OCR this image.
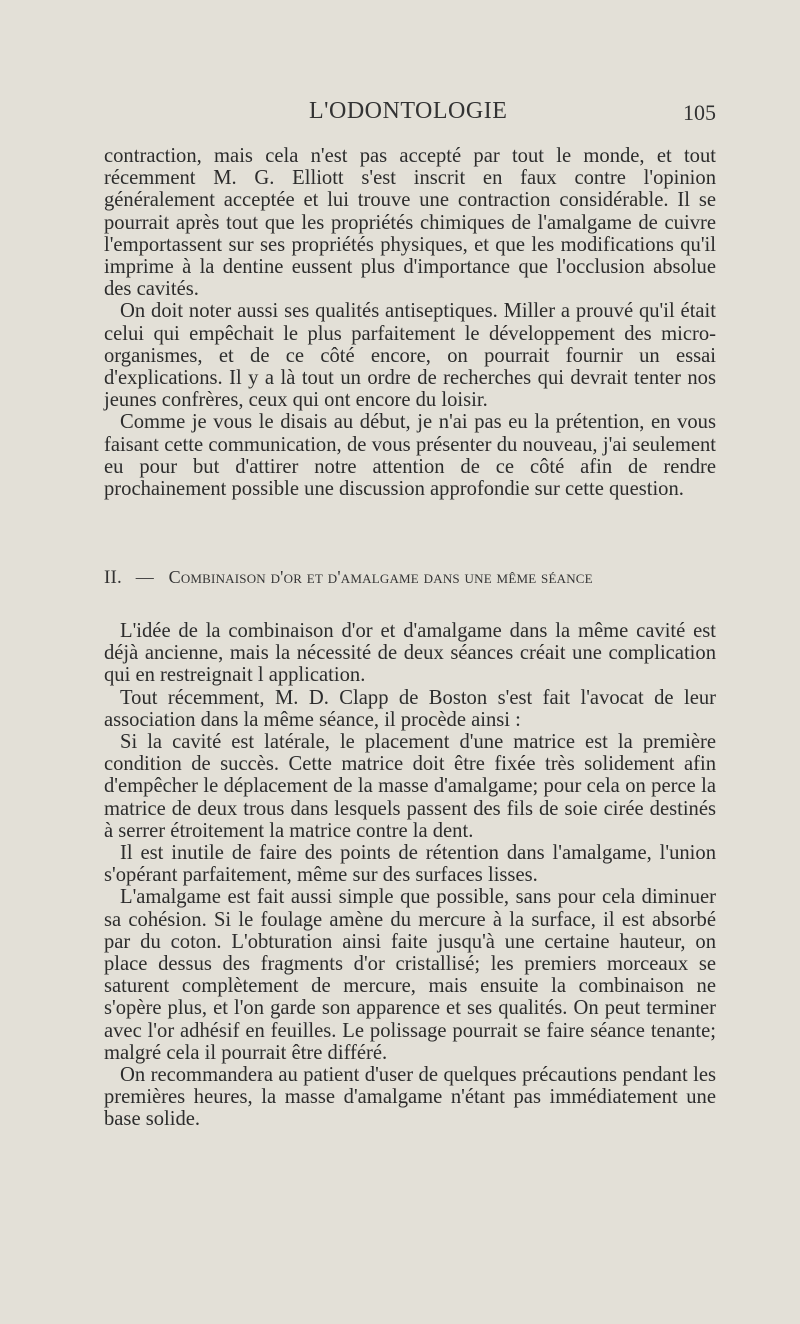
L'ODONTOLOGIE	105

contraction, mais cela n'est pas accepté par tout le monde, et tout récemment M. G. Elliott s'est inscrit en faux contre l'opinion généralement acceptée et lui trouve une contraction considérable. Il se pourrait après tout que les propriétés chimiques de l'amalgame de cuivre l'emportassent sur ses propriétés physiques, et que les modifications qu'il imprime à la dentine eussent plus d'importance que l'occlusion absolue des cavités.

On doit noter aussi ses qualités antiseptiques. Miller a prouvé qu'il était celui qui empêchait le plus parfaitement le développement des micro-organismes, et de ce côté encore, on pourrait fournir un essai d'explications. Il y a là tout un ordre de recherches qui devrait tenter nos jeunes confrères, ceux qui ont encore du loisir.

Comme je vous le disais au début, je n'ai pas eu la prétention, en vous faisant cette communication, de vous présenter du nouveau, j'ai seulement eu pour but d'attirer notre attention de ce côté afin de rendre prochainement possible une discussion approfondie sur cette question.

II. — Combinaison d'or et d'amalgame dans une même séance

L'idée de la combinaison d'or et d'amalgame dans la même cavité est déjà ancienne, mais la nécessité de deux séances créait une complication qui en restreignait l application.

Tout récemment, M. D. Clapp de Boston s'est fait l'avocat de leur association dans la même séance, il procède ainsi :

Si la cavité est latérale, le placement d'une matrice est la première condition de succès. Cette matrice doit être fixée très solidement afin d'empêcher le déplacement de la masse d'amalgame; pour cela on perce la matrice de deux trous dans lesquels passent des fils de soie cirée destinés à serrer étroitement la matrice contre la dent.

Il est inutile de faire des points de rétention dans l'amalgame, l'union s'opérant parfaitement, même sur des surfaces lisses.

L'amalgame est fait aussi simple que possible, sans pour cela diminuer sa cohésion. Si le foulage amène du mercure à la surface, il est absorbé par du coton. L'obturation ainsi faite jusqu'à une certaine hauteur, on place dessus des fragments d'or cristallisé; les premiers morceaux se saturent complètement de mercure, mais ensuite la combinaison ne s'opère plus, et l'on garde son apparence et ses qualités. On peut terminer avec l'or adhésif en feuilles. Le polissage pourrait se faire séance tenante; malgré cela il pourrait être différé.

On recommandera au patient d'user de quelques précautions pendant les premières heures, la masse d'amalgame n'étant pas immédiatement une base solide.
